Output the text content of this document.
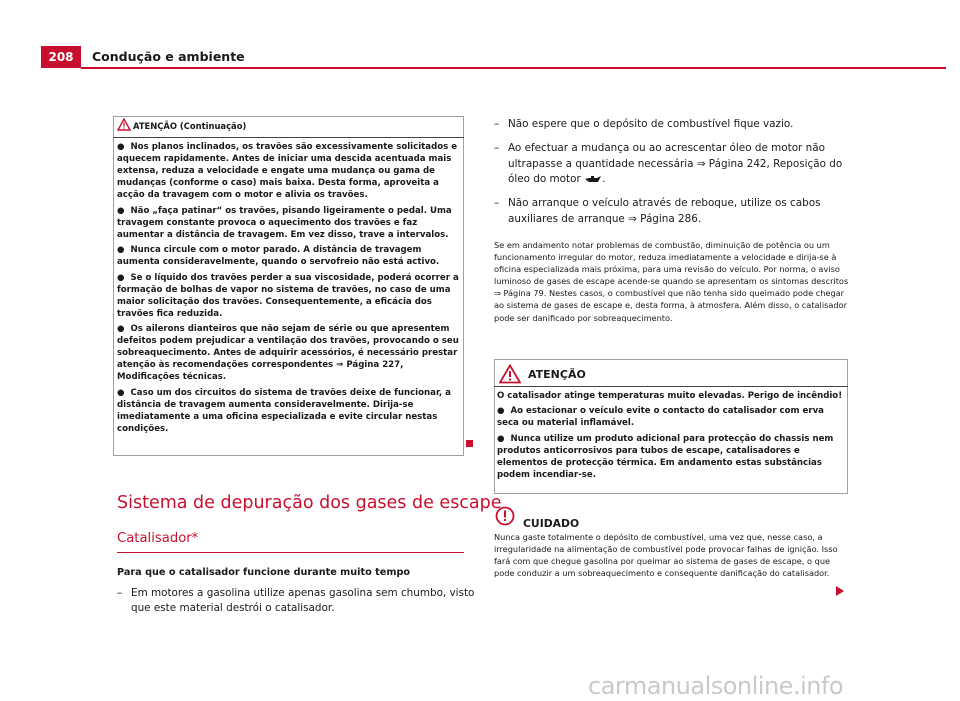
208	Condução e ambiente
ATENÇÃO (Continuação)

● Nos planos inclinados, os travões são excessivamente solicitados e aquecem rapidamente. Antes de iniciar uma descida acentuada mais extensa, reduza a velocidade e engate uma mudança ou gama de mudanças (conforme o caso) mais baixa. Desta forma, aproveita a acção da travagem com o motor e alivia os travões.

● Não „faça patinar“ os travões, pisando ligeiramente o pedal. Uma travagem constante provoca o aquecimento dos travões e faz aumentar a distância de travagem. Em vez disso, trave a intervalos.

● Nunca circule com o motor parado. A distância de travagem aumenta consideravelmente, quando o servofreio não está activo.

● Se o líquido dos travões perder a sua viscosidade, poderá ocorrer a formação de bolhas de vapor no sistema de travões, no caso de uma maior solicitação dos travões. Consequentemente, a eficácia dos travões fica reduzida.

● Os ailerons dianteiros que não sejam de série ou que apresentem defeitos podem prejudicar a ventilação dos travões, provocando o seu sobreaquecimento. Antes de adquirir acessórios, é necessário prestar atenção às recomendações correspondentes ⇒ Página 227, Modificações técnicas.

● Caso um dos circuitos do sistema de travões deixe de funcionar, a distância de travagem aumenta consideravelmente. Dirija-se imediatamente a uma oficina especializada e evite circular nestas condições.

Sistema de depuração dos gases de escape
Catalisador*
Para que o catalisador funcione durante muito tempo
– Em motores a gasolina utilize apenas gasolina sem chumbo, visto que este material destrói o catalisador.
– Não espere que o depósito de combustível fique vazio.
– Ao efectuar a mudança ou ao acrescentar óleo de motor não ultrapasse a quantidade necessária ⇒ Página 242, Reposição do óleo do motor .
– Não arranque o veículo através de reboque, utilize os cabos auxiliares de arranque ⇒ Página 286.
Se em andamento notar problemas de combustão, diminuição de potência ou um funcionamento irregular do motor, reduza imediatamente a velocidade e dirija-se à oficina especializada mais próxima, para uma revisão do veículo. Por norma, o aviso luminoso de gases de escape acende-se quando se apresentam os sintomas descritos ⇒ Página 79. Nestes casos, o combustível que não tenha sido queimado pode chegar ao sistema de gases de escape e, desta forma, à atmosfera. Além disso, o catalisador pode ser danificado por sobreaquecimento.
ATENÇÃO

O catalisador atinge temperaturas muito elevadas. Perigo de incêndio!

● Ao estacionar o veículo evite o contacto do catalisador com erva seca ou material inflamável.

● Nunca utilize um produto adicional para protecção do chassis nem produtos anticorrosivos para tubos de escape, catalisadores e elementos de protecção térmica. Em andamento estas substâncias podem incendiar-se.

CUIDADO
Nunca gaste totalmente o depósito de combustível, uma vez que, nesse caso, a irregularidade na alimentação de combustível pode provocar falhas de ignição. Isso fará com que chegue gasolina por queimar ao sistema de gases de escape, o que pode conduzir a um sobreaquecimento e consequente danificação do catalisador.
carmanualsonline.info
